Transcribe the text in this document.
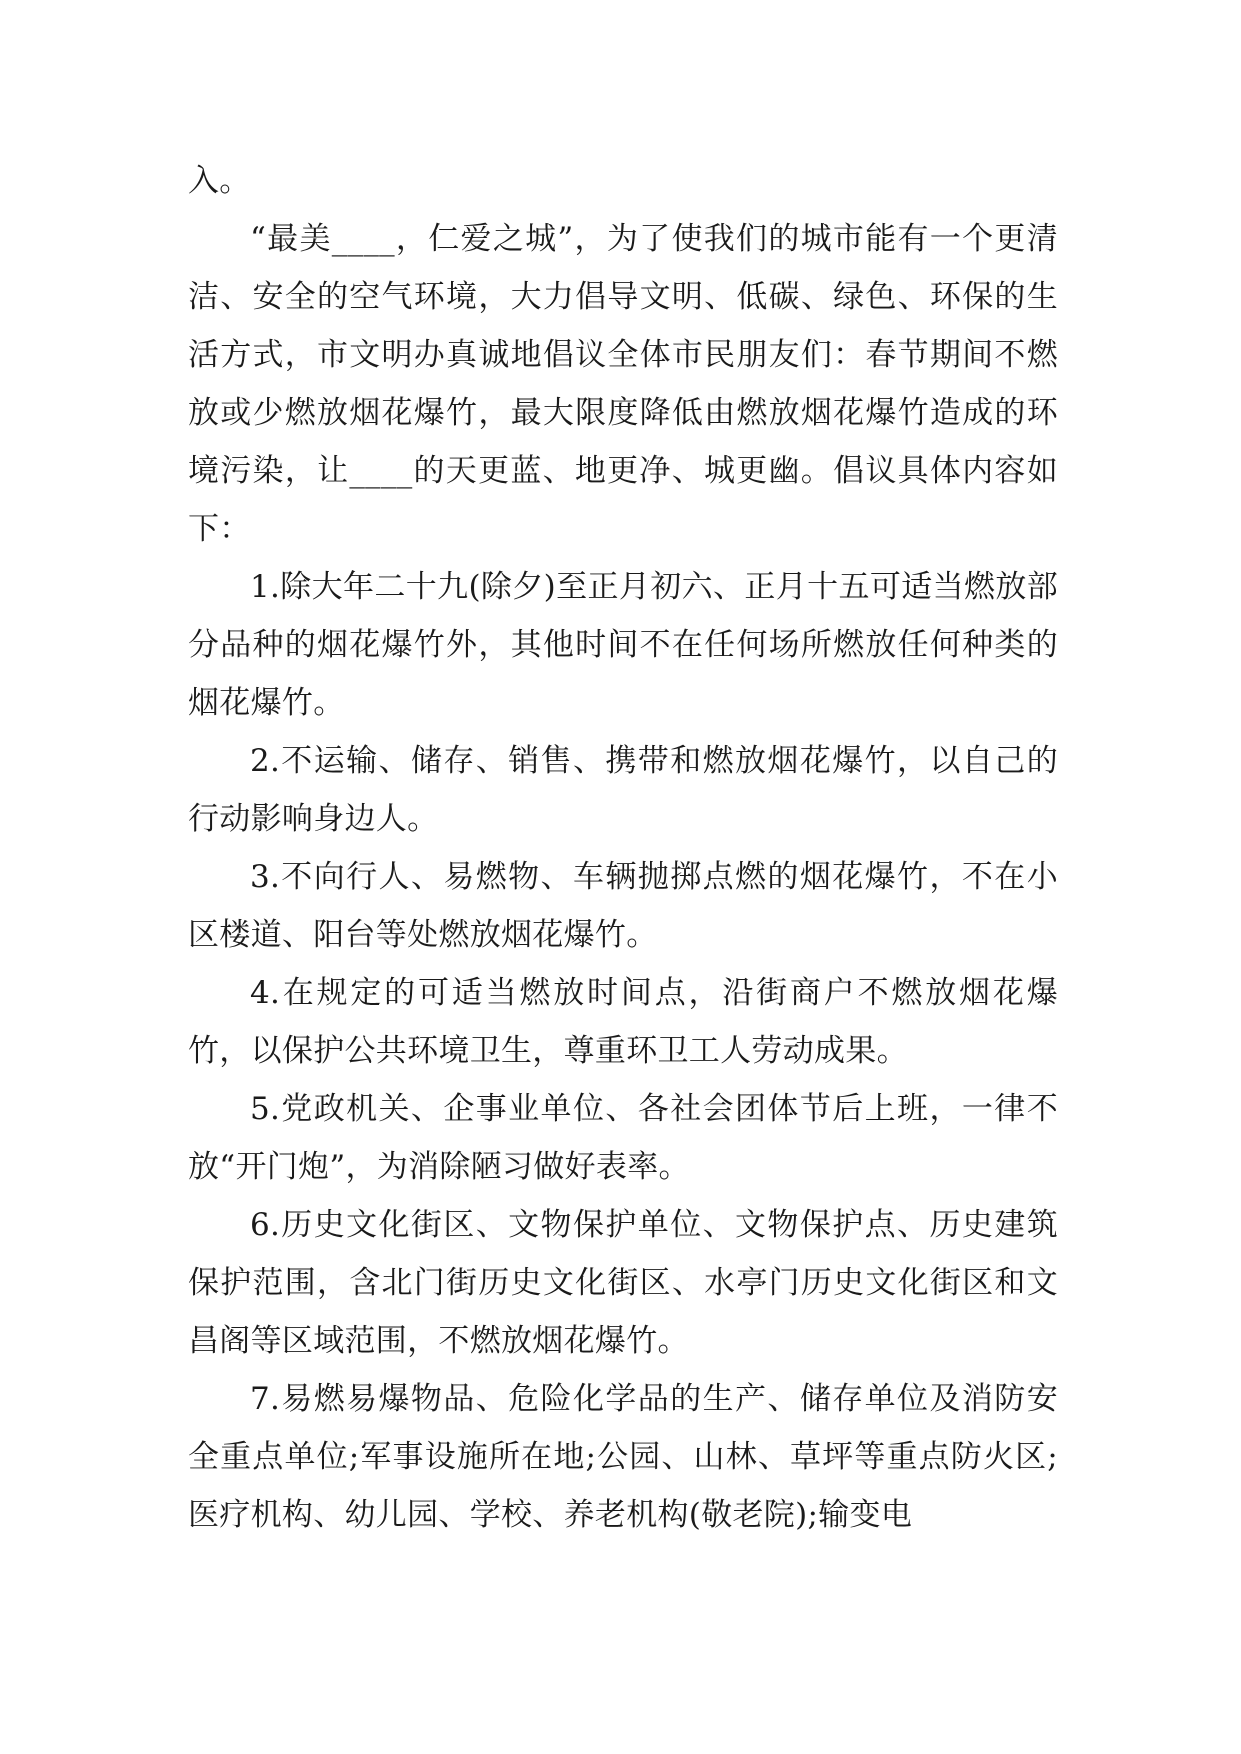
入。

“最美____，仁爱之城”，为了使我们的城市能有一个更清洁、安全的空气环境，大力倡导文明、低碳、绿色、环保的生活方式，市文明办真诚地倡议全体市民朋友们：春节期间不燃放或少燃放烟花爆竹，最大限度降低由燃放烟花爆竹造成的环境污染，让____的天更蓝、地更净、城更幽。倡议具体内容如下：

1.除大年二十九(除夕)至正月初六、正月十五可适当燃放部分品种的烟花爆竹外，其他时间不在任何场所燃放任何种类的烟花爆竹。

2.不运输、储存、销售、携带和燃放烟花爆竹，以自己的行动影响身边人。

3.不向行人、易燃物、车辆抛掷点燃的烟花爆竹，不在小区楼道、阳台等处燃放烟花爆竹。

4.在规定的可适当燃放时间点，沿街商户不燃放烟花爆竹，以保护公共环境卫生，尊重环卫工人劳动成果。

5.党政机关、企事业单位、各社会团体节后上班，一律不放“开门炮”，为消除陋习做好表率。

6.历史文化街区、文物保护单位、文物保护点、历史建筑保护范围，含北门街历史文化街区、水亭门历史文化街区和文昌阁等区域范围，不燃放烟花爆竹。

7.易燃易爆物品、危险化学品的生产、储存单位及消防安全重点单位;军事设施所在地;公园、山林、草坪等重点防火区;医疗机构、幼儿园、学校、养老机构(敬老院);输变电
